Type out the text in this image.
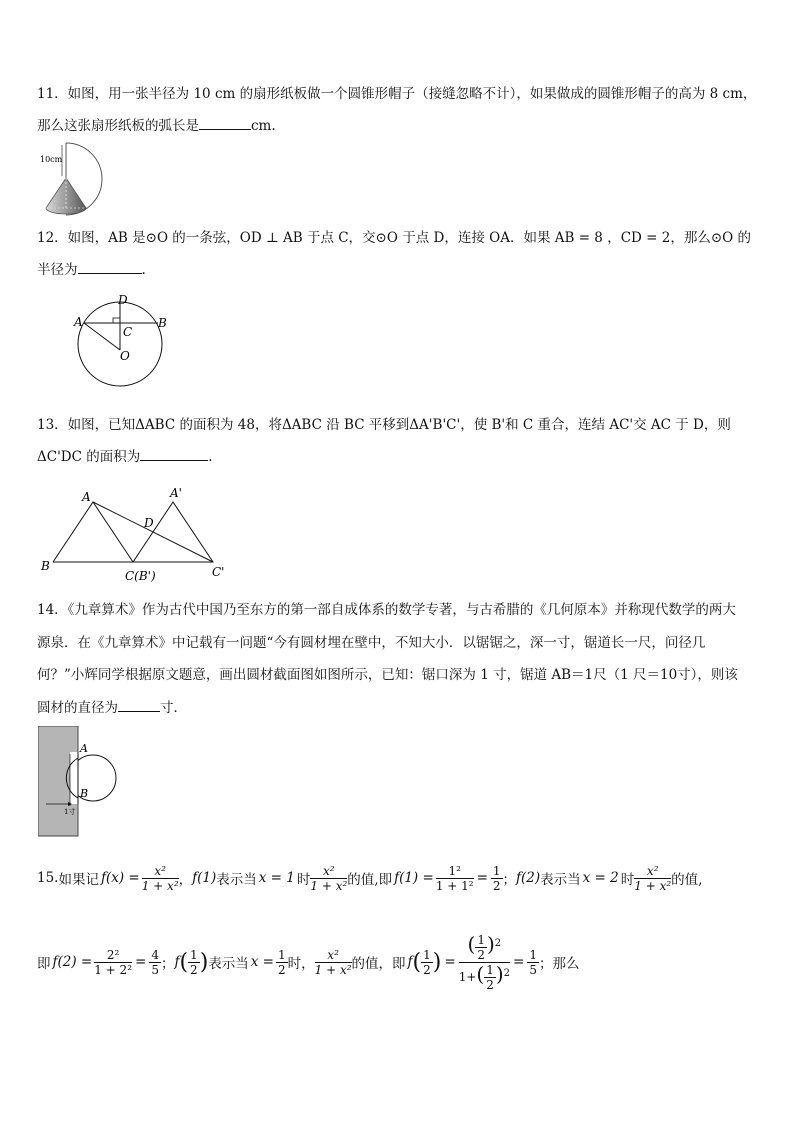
11．如图，用一张半径为 10 cm 的扇形纸板做一个圆锥形帽子（接缝忽略不计），如果做成的圆锥形帽子的高为 8 cm，
那么这张扇形纸板的弧长是	cm.
10cm
12．如图，AB 是⊙O 的一条弦，OD ⊥ AB 于点 C，交⊙O 于点 D，连接 OA．如果 AB = 8 ，CD = 2，那么⊙O 的
半径为	.
A	B
C
D
O
13．如图，已知ΔABC 的面积为 48，将ΔABC 沿 BC 平移到ΔA'B'C'，使 B'和 C 重合，连结 AC'交 AC 于 D，则
ΔC'DC 的面积为	.
A	A'
D
B
C(B')	C'
14．《九章算术》作为古代中国乃至东方的第一部自成体系的数学专著，与古希腊的《几何原本》并称现代数学的两大
源泉．在《九章算术》中记载有一问题“今有圆材埋在壁中，不知大小．以锯锯之，深一寸，锯道长一尺，问径几
何？”小辉同学根据原文题意，画出圆材截面图如图所示，已知：锯口深为 1 寸，锯道 AB＝1尺（1 尺＝10寸），则该
圆材的直径为	寸．
A
B
1寸
15. 如果记 $f(x) = \frac{\text{x²}}{\text{1 + x²}}$ ， f(1) 表示当 x = 1 时
x²
1 + x² 的值,即 $f(1) = \frac{\text{1²}}{\text{1 + 1²}} = \frac{1}{2}$ ； f(2) 表示当 x = 2 时
x²
1 + x² 的值,
即 $f(2) = \frac{\text{2²}}{\text{1 + 2²}} = \frac{4}{5}$ ； f ( 1
2 ) 表示当 $x = \frac{1}{2}$ 时，
x²
1 + x² 的值，即 f ( 1
2 ) = $\frac{( \frac{1}{2} )^2}{1+( \frac{1}{2} )^2} = \frac{1}{5}$ ；那么
